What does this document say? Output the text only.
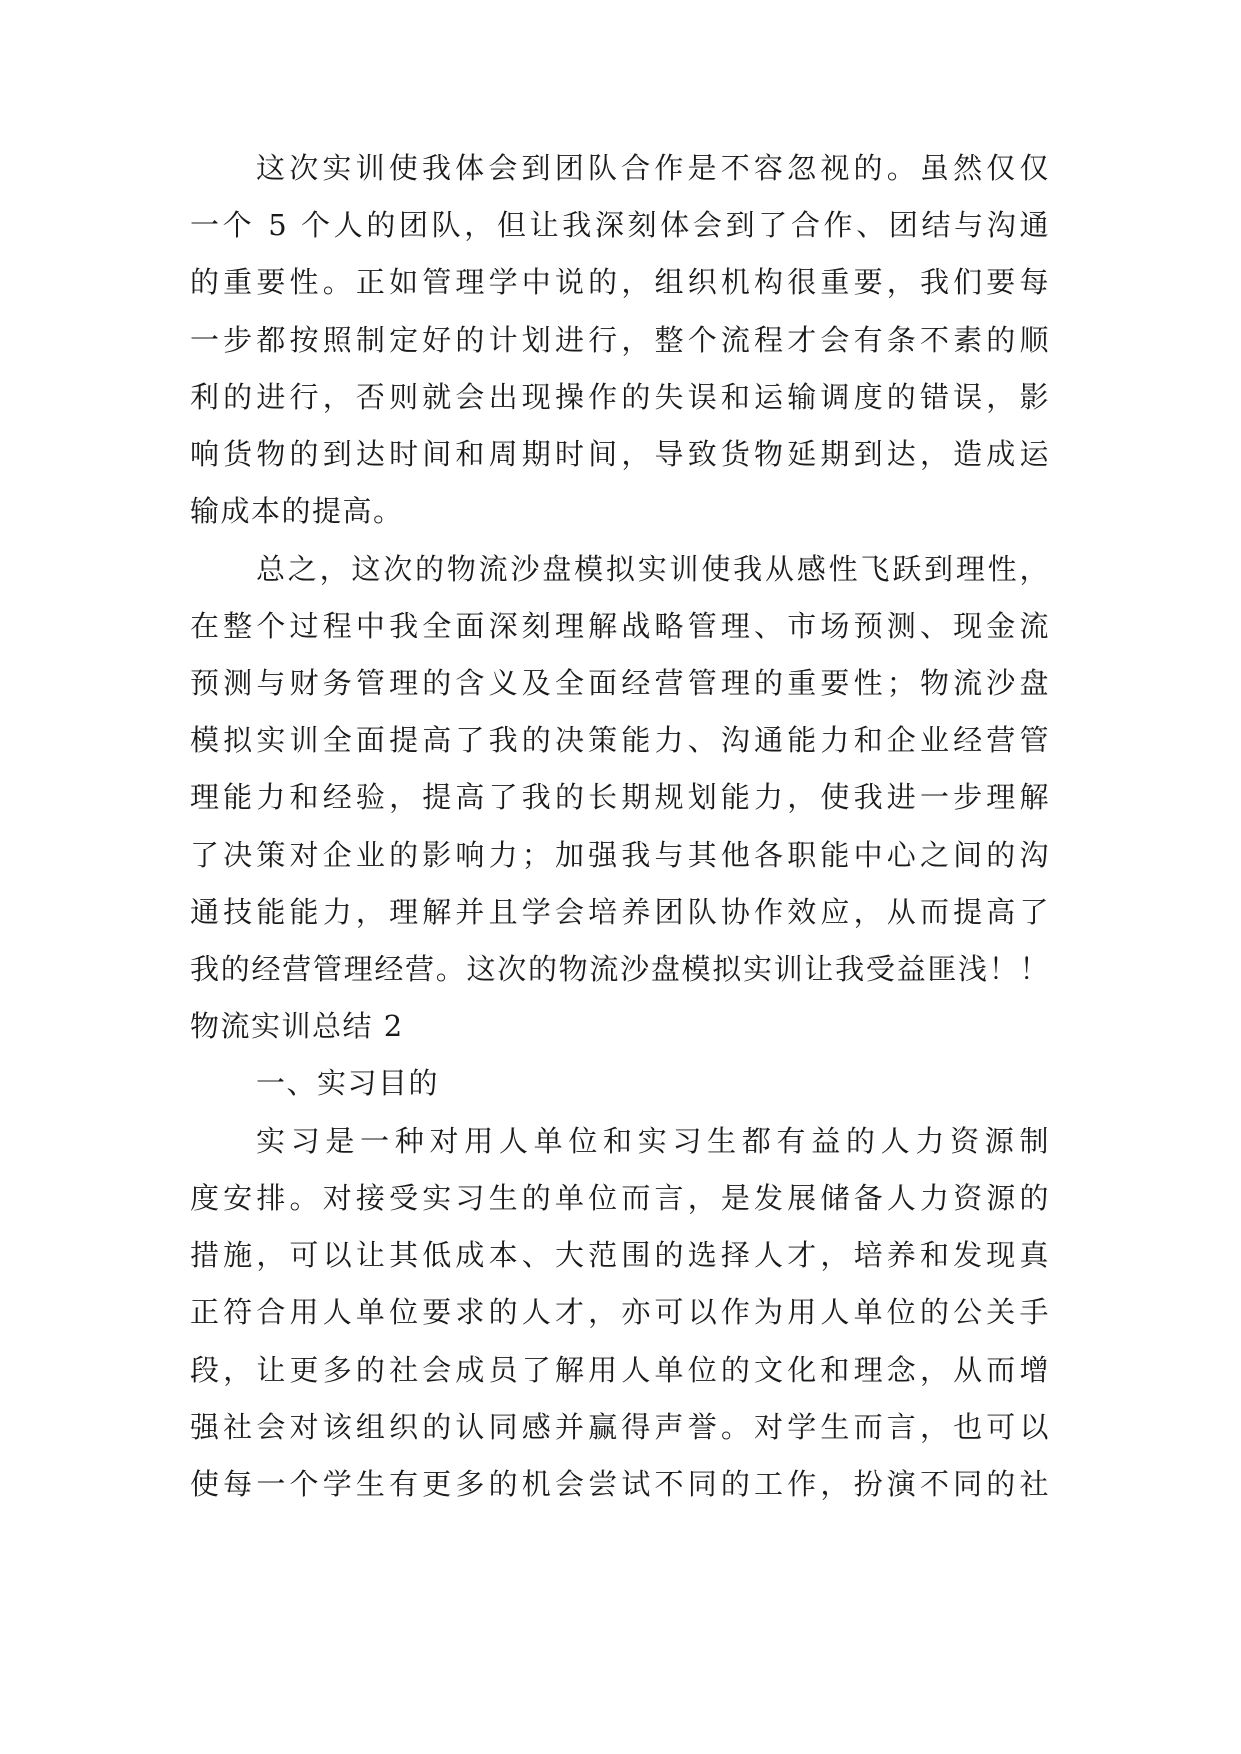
这次实训使我体会到团队合作是不容忽视的。虽然仅仅
一个 5 个人的团队，但让我深刻体会到了合作、团结与沟通
的重要性。正如管理学中说的，组织机构很重要，我们要每
一步都按照制定好的计划进行，整个流程才会有条不素的顺
利的进行，否则就会出现操作的失误和运输调度的错误，影
响货物的到达时间和周期时间，导致货物延期到达，造成运
输成本的提高。
总之，这次的物流沙盘模拟实训使我从感性飞跃到理性，
在整个过程中我全面深刻理解战略管理、市场预测、现金流
预测与财务管理的含义及全面经营管理的重要性；物流沙盘
模拟实训全面提高了我的决策能力、沟通能力和企业经营管
理能力和经验，提高了我的长期规划能力，使我进一步理解
了决策对企业的影响力；加强我与其他各职能中心之间的沟
通技能能力，理解并且学会培养团队协作效应，从而提高了
我的经营管理经营。这次的物流沙盘模拟实训让我受益匪浅！！
物流实训总结 2
一、实习目的
实习是一种对用人单位和实习生都有益的人力资源制
度安排。对接受实习生的单位而言，是发展储备人力资源的
措施，可以让其低成本、大范围的选择人才，培养和发现真
正符合用人单位要求的人才，亦可以作为用人单位的公关手
段，让更多的社会成员了解用人单位的文化和理念，从而增
强社会对该组织的认同感并赢得声誉。对学生而言，也可以
使每一个学生有更多的机会尝试不同的工作，扮演不同的社
